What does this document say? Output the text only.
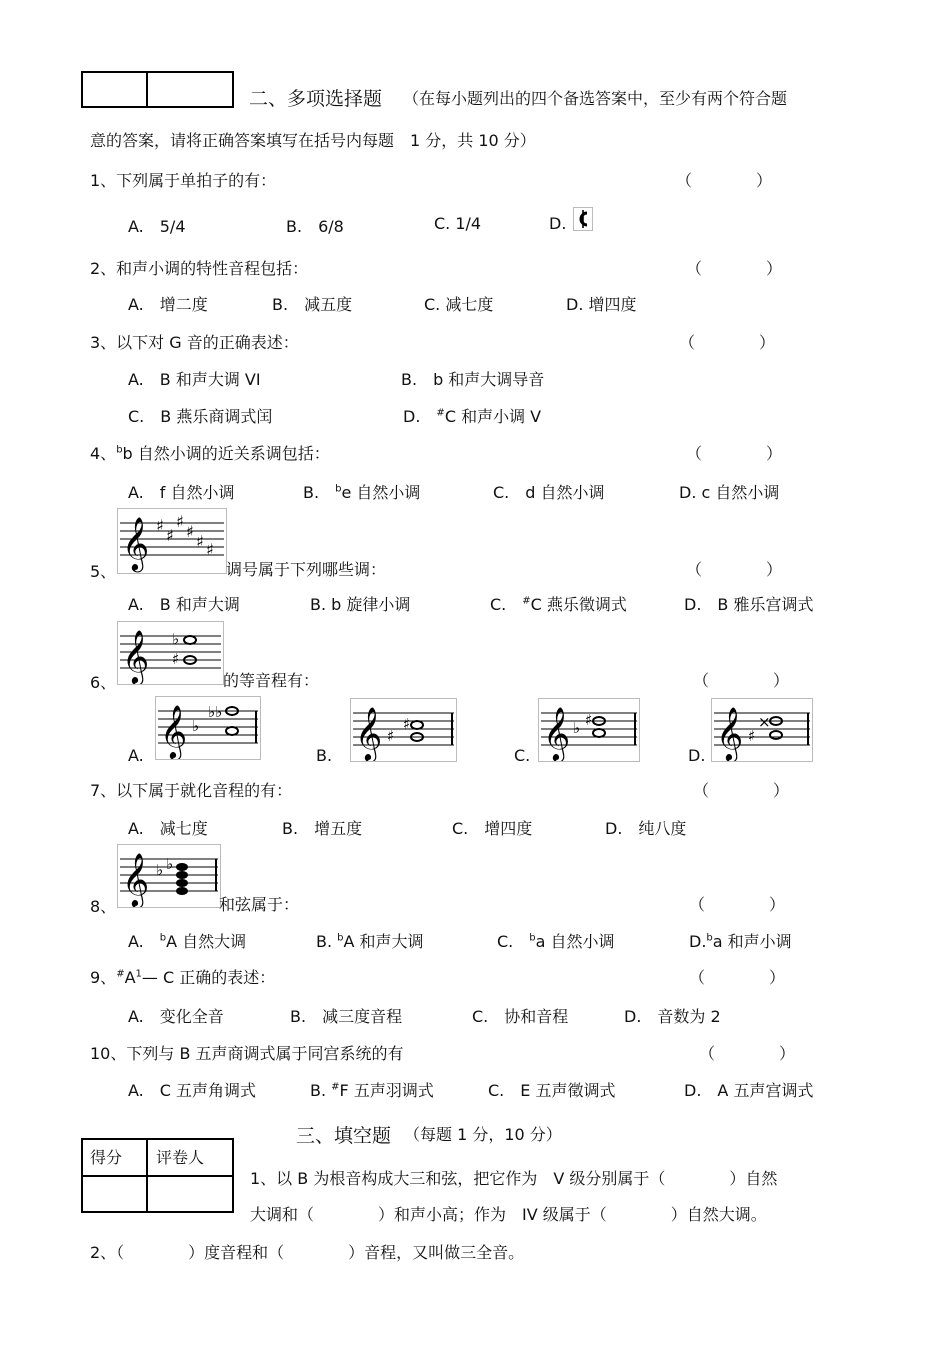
二、多项选择题 （在每小题列出的四个备选答案中，至少有两个符合题
意的答案，请将正确答案填写在括号内每题　1 分，共 10 分）
1、下列属于单拍子的有：	（　　　　）
A.　5/4	B.　6/8	C. 1/4	D.
2、和声小调的特性音程包括：	（　　　　）
A.　增二度	B.　减五度	C. 减七度	D. 增四度
3、以下对 G 音的正确表述：	（　　　　）
A.　B 和声大调 VI	B.　b 和声大调导音
C.　B 燕乐商调式闰	D.　#C 和声小调 V
4、$^b$b 自然小调的近关系调包括：	（　　　　）
A.　f 自然小调	B.　$^b$e 自然小调	C.　d 自然小调	D. c 自然小调
5、
𝄞 ♯
♯
♯
♯
♯ ♯
调号属于下列哪些调：	（　　　　）
A.　B 和声大调	B. b 旋律小调	C.　#C 燕乐徵调式	D.　B 雅乐宫调式
6、 𝄞 ♭
♯
的等音程有：	（　　　　）
A. 𝄞 ♭
♭♭
B. 𝄞 ♯
♯
C. 𝄞 ♭ ♯
D. 𝄞 ♯
×
7、以下属于就化音程的有：	（　　　　）
A.　减七度	B.　增五度	C.　增四度	D.　纯八度
8、
𝄞 ♭ ♭
和弦属于：	（　　　　）
A.　$^b$A 自然大调	B. $^b$A 和声大调	C.　$^b$a 自然小调	D.$^b$a 和声小调
9、$^{\#}A^1—$ C 正确的表述：	（　　　　）
A.　变化全音	B.　减三度音程	C.　协和音程	D.　音数为 2
10、下列与 B 五声商调式属于同宫系统的有	（　　　　）
A.　C 五声角调式	B. #F 五声羽调式	C.　E 五声徵调式	D.　A 五声宫调式
三、填空题 （每题 1 分，10 分）
得分 评卷人
1、以 B 为根音构成大三和弦，把它作为　V 级分别属于（　　　　）自然
大调和（　　　　）和声小高；作为　IV 级属于（　　　　）自然大调。
2、（　　　　）度音程和（　　　　）音程，又叫做三全音。
